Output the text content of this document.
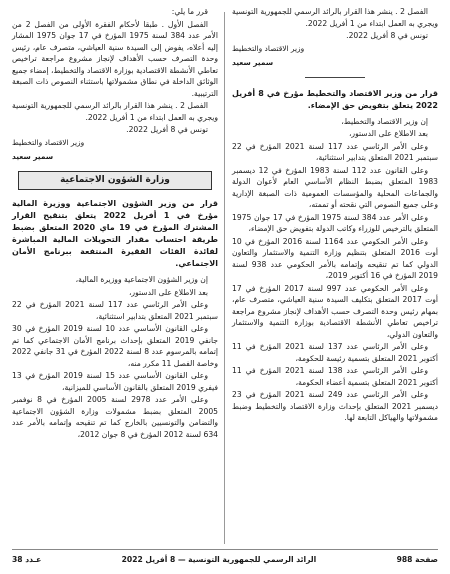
الفصل 2 . ينشر هذا القرار بالرائد الرسمي للجمهورية التونسية ويجري به العمل ابتداء من 1 أفريل 2022.

تونس في 8 أفريل 2022.

وزير الاقتصاد والتخطيط

سمير سعيد

قرار من وزير الاقتصاد والتخطيط مؤرخ في 8 أفريل 2022 يتعلق بتفويض حق الإمضاء.

إن وزير الاقتصاد والتخطيط،

بعد الاطلاع على الدستور،

وعلى الأمر الرئاسي عدد 117 لسنة 2021 المؤرخ في 22 سبتمبر 2021 المتعلق بتدابير استثنائية،

وعلى القانون عدد 112 لسنة 1983 المؤرخ في 12 ديسمبر 1983 المتعلق بضبط النظام الأساسي العام لأعوان الدولة والجماعات المحلية والمؤسسات العمومية ذات الصبغة الإدارية وعلى جميع النصوص التي نقحته أو تممته،

وعلى الأمر عدد 384 لسنة 1975 المؤرخ في 17 جوان 1975 المتعلق بالترخيص للوزراء وكاتب الدولة بتفويض حق الإمضاء،

وعلى الأمر الحكومي عدد 1164 لسنة 2016 المؤرخ في 10 أوت 2016 المتعلق بتنظيم وزارة التنمية والاستثمار والتعاون الدولي كما تم تنقيحه وإتمامه بالأمر الحكومي عدد 938 لسنة 2019 المؤرخ في 16 أكتوبر 2019،

وعلى الأمر الحكومي عدد 997 لسنة 2017 المؤرخ في 17 أوت 2017 المتعلق بتكليف السيدة سنية العياشي، متصرف عام، بمهام رئيس وحدة التصرف حسب الأهداف لإنجاز مشروع مراجعة تراخيص تعاطي الأنشطة الاقتصادية بوزارة التنمية والاستثمار والتعاون الدولي،

وعلى الأمر الرئاسي عدد 137 لسنة 2021 المؤرخ في 11 أكتوبر 2021 المتعلق بتسمية رئيسة للحكومة،

وعلى الأمر الرئاسي عدد 138 لسنة 2021 المؤرخ في 11 أكتوبر 2021 المتعلق بتسمية أعضاء الحكومة،

وعلى الأمر الرئاسي عدد 249 لسنة 2021 المؤرخ في 23 ديسمبر 2021 المتعلق بإحداث وزارة الاقتصاد والتخطيط وضبط مشمولاتها والهياكل التابعة لها.

قرر ما يلي:

الفصل الأول . طبقا لأحكام الفقرة الأولى من الفصل 2 من الأمر عدد 384 لسنة 1975 المؤرخ في 17 جوان 1975 المشار إليه أعلاه، يفوض إلى السيدة سنية العياشي، متصرف عام، رئيس وحدة التصرف حسب الأهداف لإنجاز مشروع مراجعة تراخيص تعاطي الأنشطة الاقتصادية بوزارة الاقتصاد والتخطيط، إمضاء جميع الوثائق الداخلة في نطاق مشمولاتها باستثناء النصوص ذات الصبغة الترتيبية.

الفصل 2 . ينشر هذا القرار بالرائد الرسمي للجمهورية التونسية ويجري به العمل ابتداء من 1 أفريل 2022.

تونس في 8 أفريل 2022.

وزير الاقتصاد والتخطيط

سمير سعيد

وزارة الشؤون الاجتماعية

قرار من وزير الشؤون الاجتماعية ووزيرة المالية مؤرخ في 1 أفريل 2022 يتعلق بتنقيح القرار المشترك المؤرخ في 19 ماي 2020 المتعلق بضبط طريقة احتساب مقدار التحويلات المالية المباشرة لفائدة الفئات الفقيرة المنتفعة ببرنامج الأمان الاجتماعي.

إن وزير الشؤون الاجتماعية ووزيرة المالية،

بعد الاطلاع على الدستور،

وعلى الأمر الرئاسي عدد 117 لسنة 2021 المؤرخ في 22 سبتمبر 2021 المتعلق بتدابير استثنائية،

وعلى القانون الأساسي عدد 10 لسنة 2019 المؤرخ في 30 جانفي 2019 المتعلق بإحداث برنامج الأمان الاجتماعي كما تم إتمامه بالمرسوم عدد 8 لسنة 2022 المؤرخ في 31 جانفي 2022 وخاصة الفصل 11 مكرر منه،

وعلى القانون الأساسي عدد 15 لسنة 2019 المؤرخ في 13 فيفري 2019 المتعلق بالقانون الأساسي للميزانية،

وعلى الأمر عدد 2978 لسنة 2005 المؤرخ في 8 نوفمبر 2005 المتعلق بضبط مشمولات وزارة الشؤون الاجتماعية والتضامن والتونسيين بالخارج كما تم تنقيحه وإتمامه بالأمر عدد 634 لسنة 2012 المؤرخ في 8 جوان 2012،

صفحة 988
الرائد الرسمي للجمهورية التونسية — 8 أفريل 2022
عـدد 38
